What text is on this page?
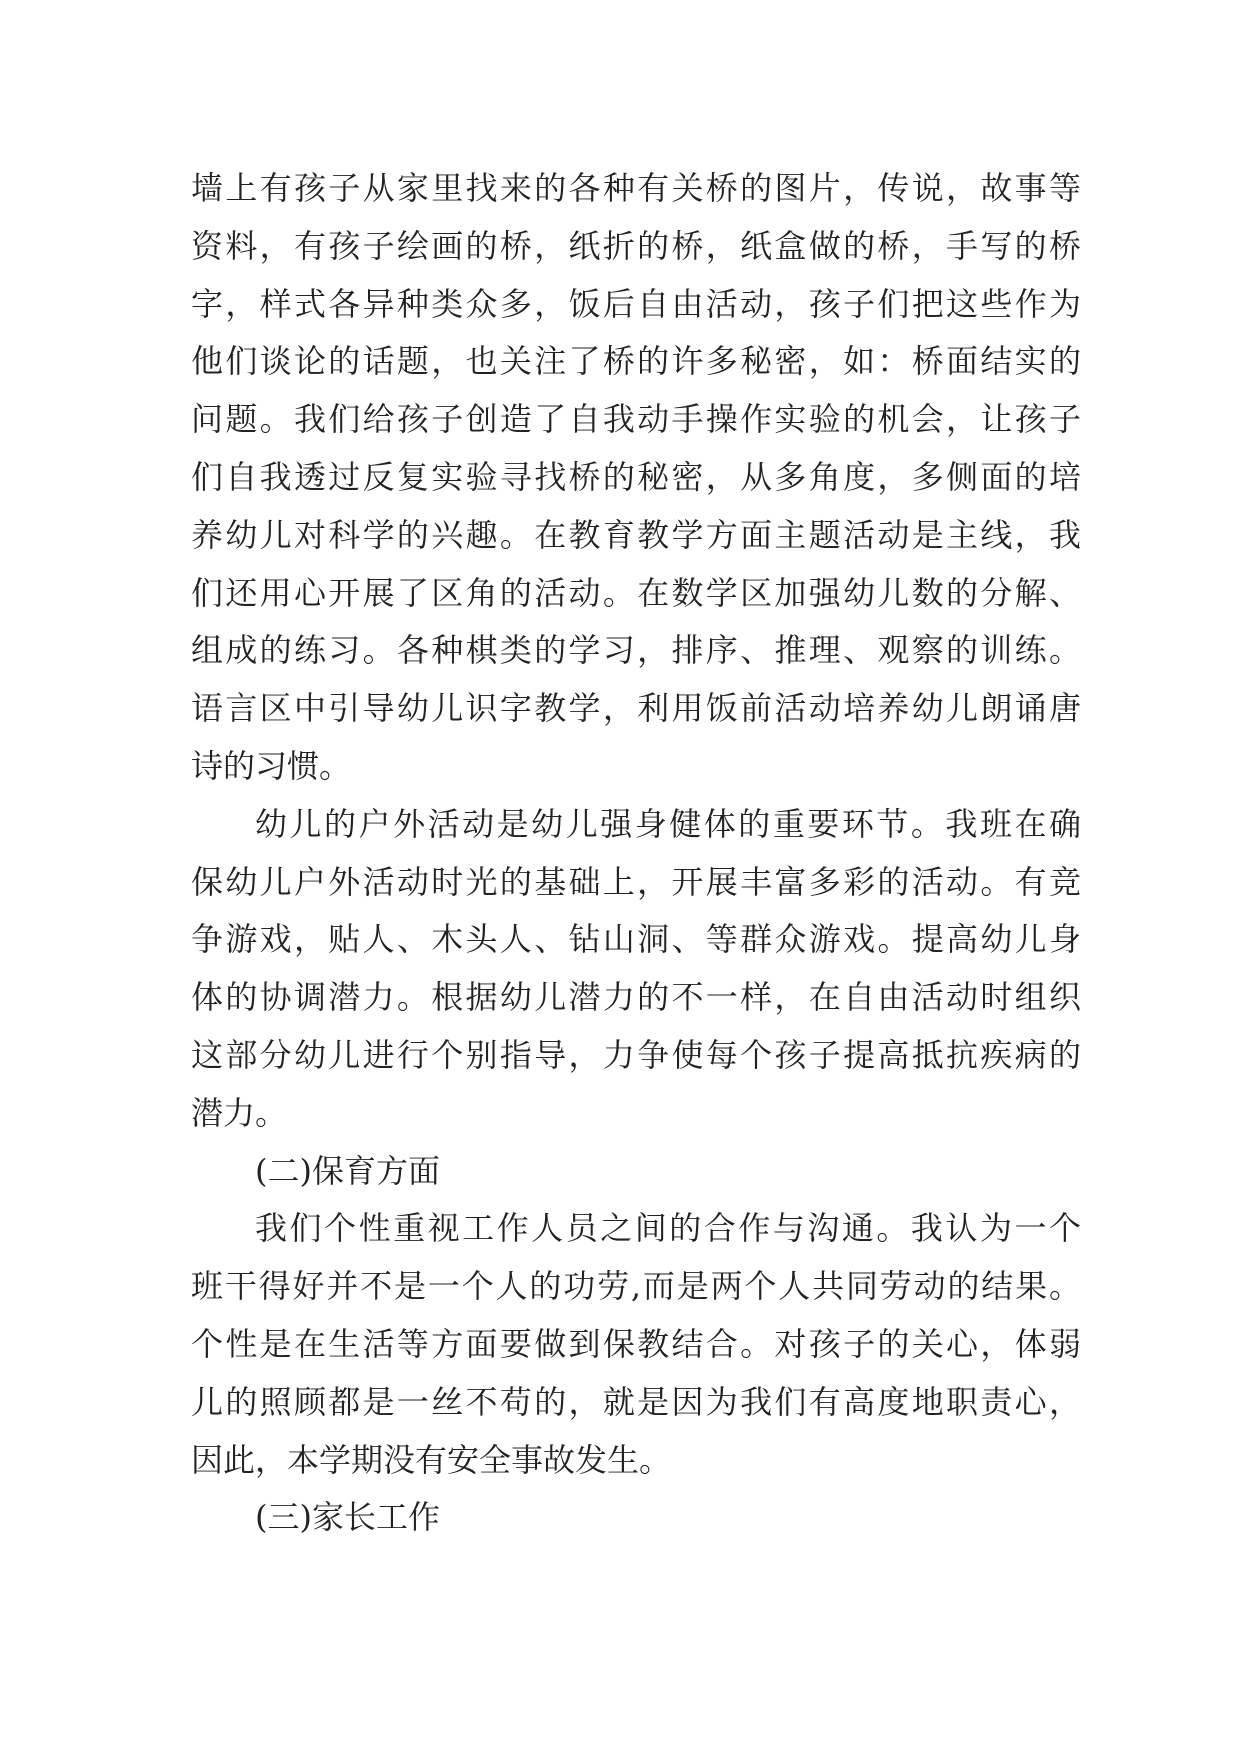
墙上有孩子从家里找来的各种有关桥的图片，传说，故事等
资料，有孩子绘画的桥，纸折的桥，纸盒做的桥，手写的桥
字，样式各异种类众多，饭后自由活动，孩子们把这些作为
他们谈论的话题，也关注了桥的许多秘密，如：桥面结实的
问题。我们给孩子创造了自我动手操作实验的机会，让孩子
们自我透过反复实验寻找桥的秘密，从多角度，多侧面的培
养幼儿对科学的兴趣。在教育教学方面主题活动是主线，我
们还用心开展了区角的活动。在数学区加强幼儿数的分解、
组成的练习。各种棋类的学习，排序、推理、观察的训练。
语言区中引导幼儿识字教学，利用饭前活动培养幼儿朗诵唐
诗的习惯。

幼儿的户外活动是幼儿强身健体的重要环节。我班在确
保幼儿户外活动时光的基础上，开展丰富多彩的活动。有竞
争游戏，贴人、木头人、钻山洞、等群众游戏。提高幼儿身
体的协调潜力。根据幼儿潜力的不一样，在自由活动时组织
这部分幼儿进行个别指导，力争使每个孩子提高抵抗疾病的
潜力。

(二)保育方面

我们个性重视工作人员之间的合作与沟通。我认为一个
班干得好并不是一个人的功劳,而是两个人共同劳动的结果。
个性是在生活等方面要做到保教结合。对孩子的关心，体弱
儿的照顾都是一丝不苟的，就是因为我们有高度地职责心，
因此，本学期没有安全事故发生。

(三)家长工作
